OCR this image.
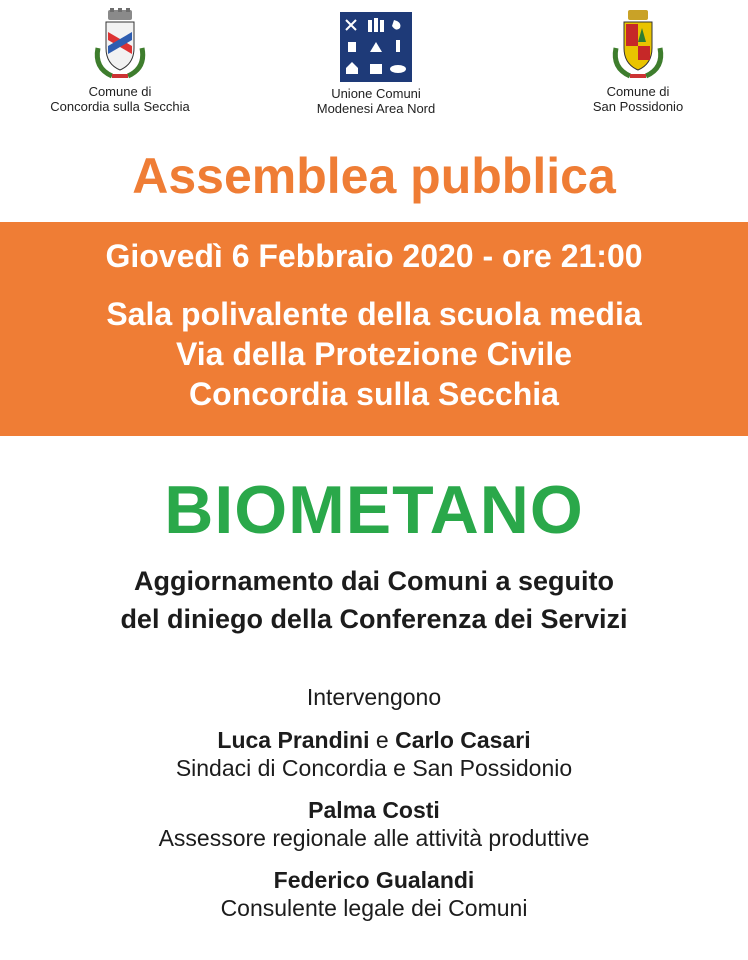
Comune di
Concordia sulla Secchia
Unione Comuni
Modenesi Area Nord
Comune di
San Possidonio
Assemblea pubblica
Giovedì 6 Febbraio 2020 - ore 21:00
Sala polivalente della scuola media
Via della Protezione Civile
Concordia sulla Secchia
BIOMETANO
Aggiornamento dai Comuni a seguito
del diniego della Conferenza dei Servizi
Intervengono
Luca Prandini e Carlo Casari
Sindaci di Concordia e San Possidonio
Palma Costi
Assessore regionale alle attività produttive
Federico Gualandi
Consulente legale dei Comuni
